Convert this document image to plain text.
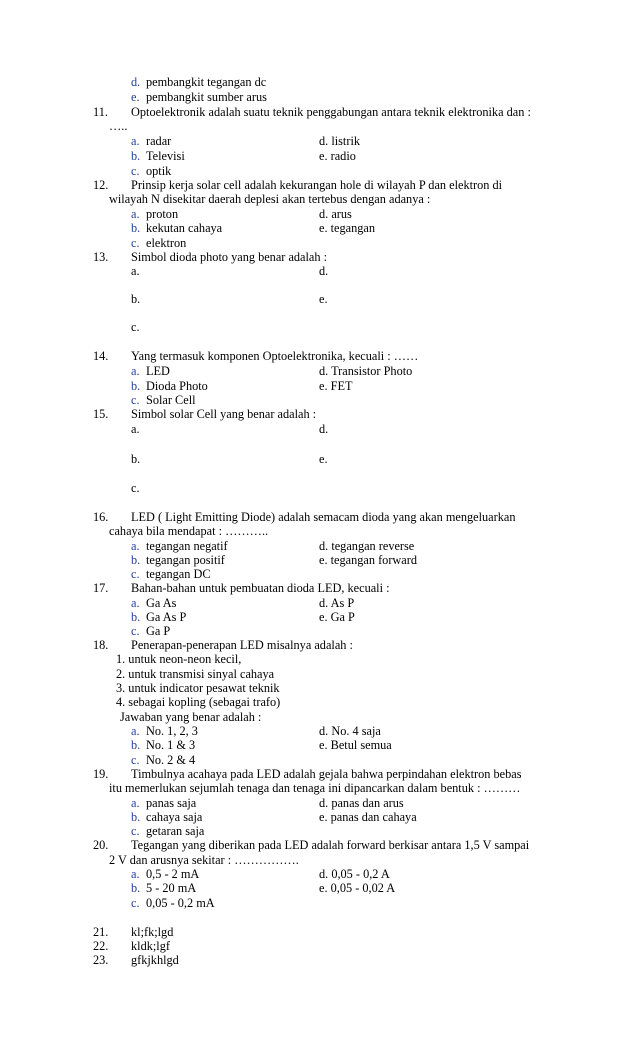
d. pembangkit tegangan dc
e. pembangkit sumber arus
11. Optoelektronik adalah suatu teknik penggabungan antara teknik elektronika dan :
…..
a. radar	d. listrik
b. Televisi	e. radio
c. optik
12. Prinsip kerja solar cell adalah kekurangan hole di wilayah P dan elektron di
wilayah N disekitar daerah deplesi akan tertebus dengan adanya :
a. proton	d. arus
b. kekutan cahaya	e. tegangan
c. elektron
13. Simbol dioda photo yang benar adalah :
a.	d.
b.	e.
c.
14. Yang termasuk komponen Optoelektronika, kecuali : ……
a. LED	d. Transistor Photo
b. Dioda Photo	e. FET
c. Solar Cell
15. Simbol solar Cell yang benar adalah :
a.	d.
b.	e.
c.
16. LED ( Light Emitting Diode) adalah semacam dioda yang akan mengeluarkan
cahaya bila mendapat : ………..
a. tegangan negatif	d. tegangan reverse
b. tegangan positif	e. tegangan forward
c. tegangan DC
17. Bahan-bahan untuk pembuatan dioda LED, kecuali :
a. Ga As	d. As P
b. Ga As P	e. Ga P
c. Ga P
18. Penerapan-penerapan LED misalnya adalah :
1. untuk neon-neon kecil,
2. untuk transmisi sinyal cahaya
3. untuk indicator pesawat teknik
4. sebagai kopling (sebagai trafo)
Jawaban yang benar adalah :
a. No. 1, 2, 3	d. No. 4 saja
b. No. 1 & 3	e. Betul semua
c. No. 2 & 4
19. Timbulnya acahaya pada LED adalah gejala bahwa perpindahan elektron bebas
itu memerlukan sejumlah tenaga dan tenaga ini dipancarkan dalam bentuk : ………
a. panas saja	d. panas dan arus
b. cahaya saja	e. panas dan cahaya
c. getaran saja
20. Tegangan yang diberikan pada LED adalah forward berkisar antara 1,5 V sampai
2 V dan arusnya sekitar : …………….
a. 0,5 - 2 mA	d. 0,05 - 0,2 A
b. 5 - 20 mA	e. 0,05 - 0,02 A
c. 0,05 - 0,2 mA
21. kl;fk;lgd
22. kldk;lgf
23. gfkjkhlgd
